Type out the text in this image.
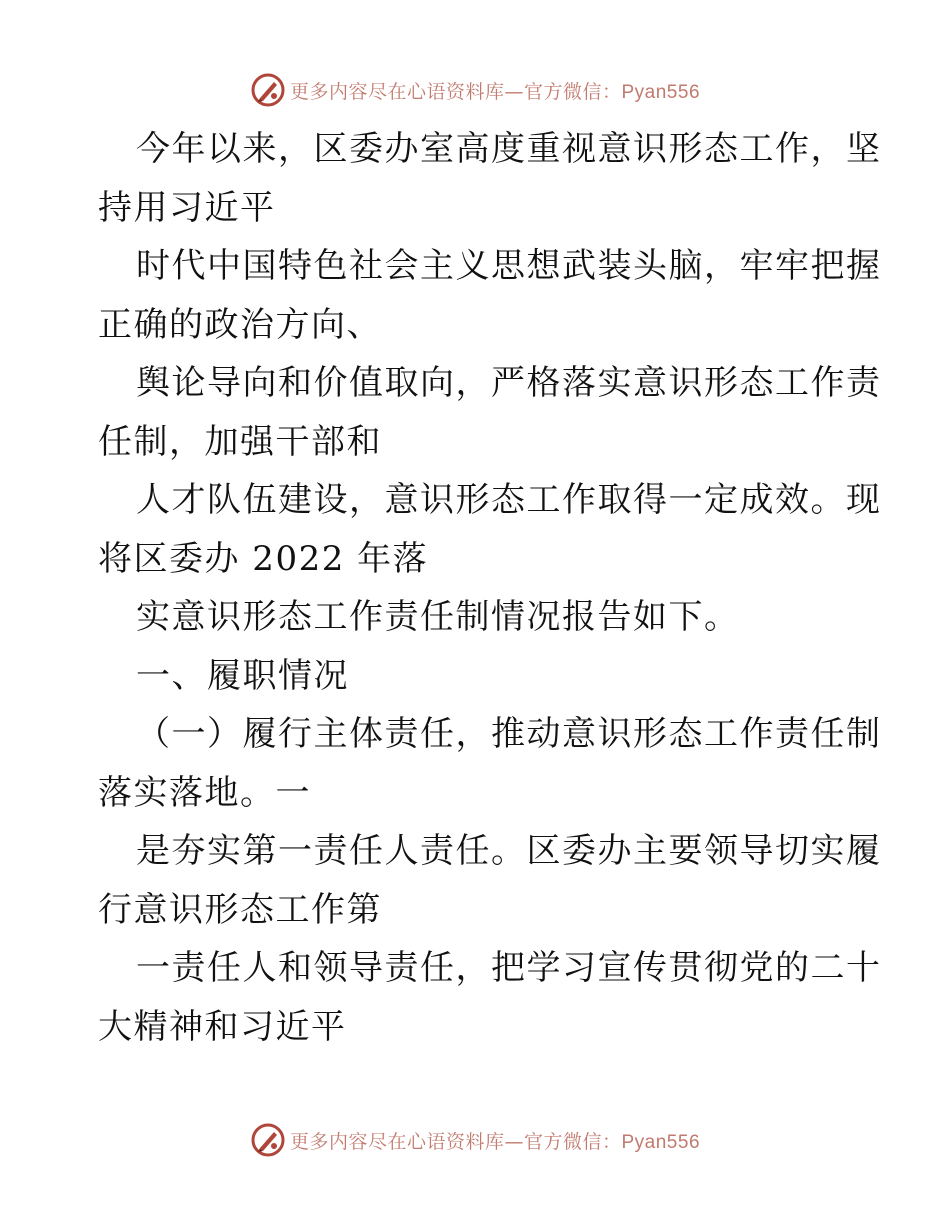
更多内容尽在心语资料库—官方微信：Pyan556
今年以来，区委办室高度重视意识形态工作，坚
持用习近平
时代中国特色社会主义思想武装头脑，牢牢把握
正确的政治方向、
舆论导向和价值取向，严格落实意识形态工作责
任制，加强干部和
人才队伍建设，意识形态工作取得一定成效。现
将区委办 2022 年落
实意识形态工作责任制情况报告如下。
一、履职情况
（一）履行主体责任，推动意识形态工作责任制
落实落地。一
是夯实第一责任人责任。区委办主要领导切实履
行意识形态工作第
一责任人和领导责任，把学习宣传贯彻党的二十
大精神和习近平
更多内容尽在心语资料库—官方微信：Pyan556
